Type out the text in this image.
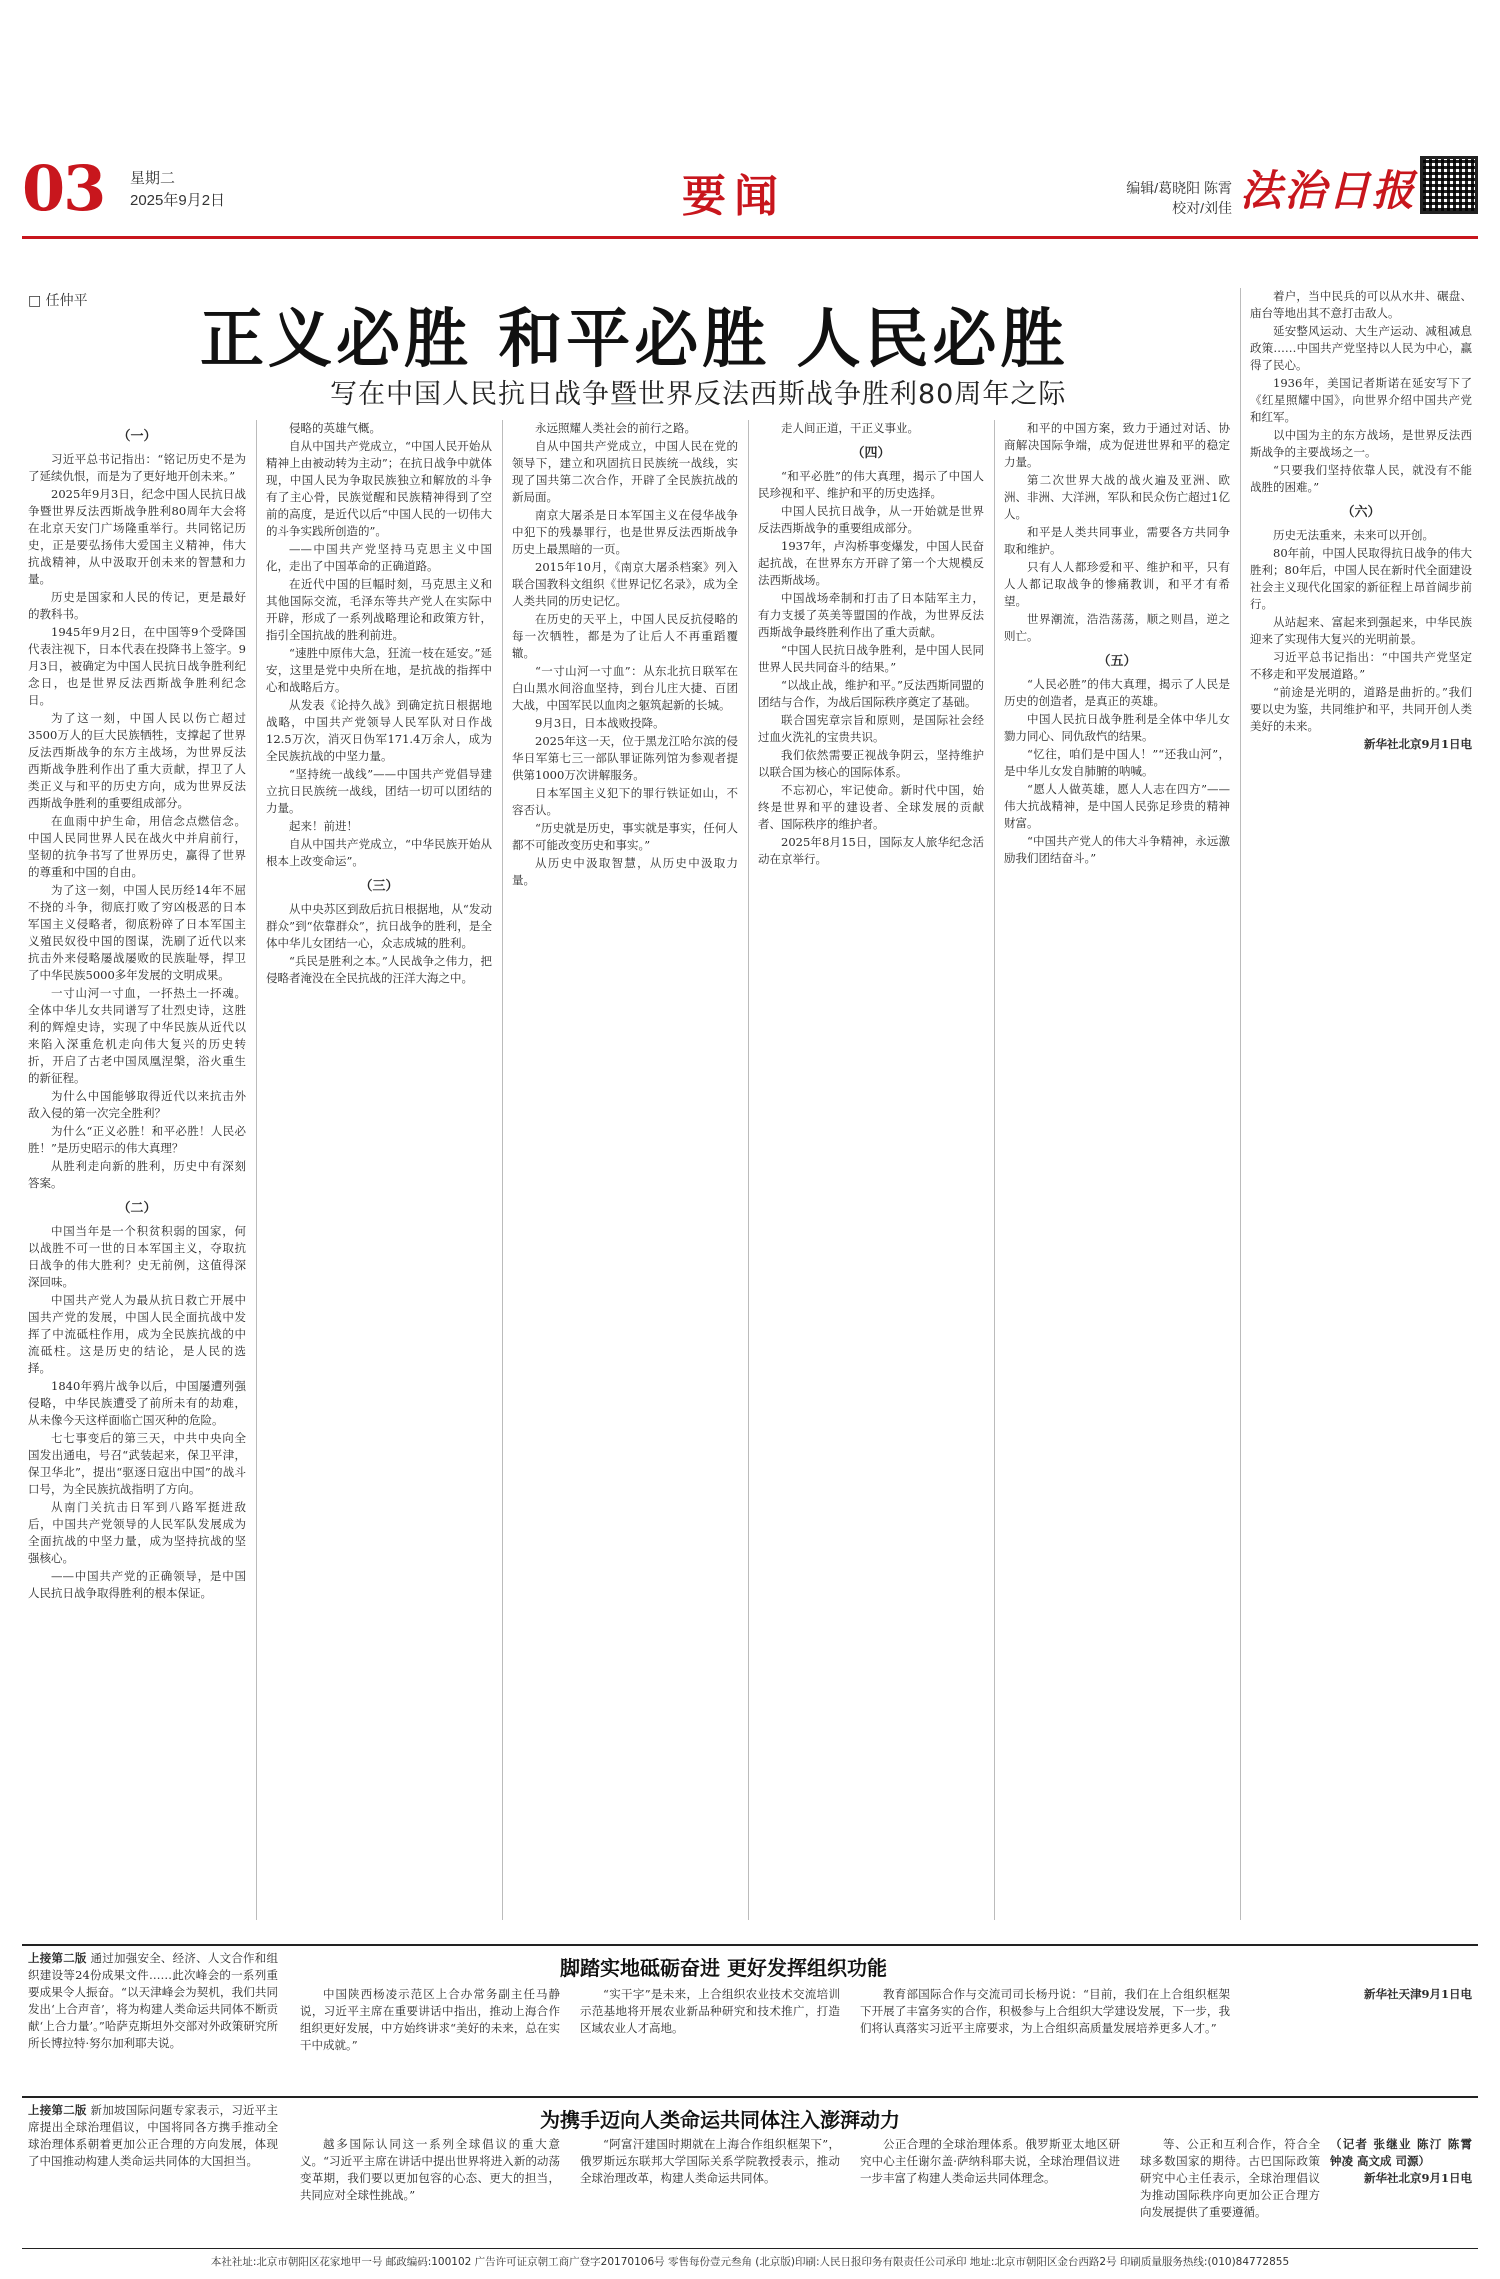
03 星期二
2025年9月2日	要闻	编辑/葛晓阳 陈霄
校对/刘佳 法治日报
□ 任仲平
正义必胜 和平必胜 人民必胜
写在中国人民抗日战争暨世界反法西斯战争胜利80周年之际
（一）

习近平总书记指出：“铭记历史不是为了延续仇恨，而是为了更好地开创未来。”

2025年9月3日，纪念中国人民抗日战争暨世界反法西斯战争胜利80周年大会将在北京天安门广场隆重举行。共同铭记历史，正是要弘扬伟大爱国主义精神，伟大抗战精神，从中汲取开创未来的智慧和力量。

历史是国家和人民的传记，更是最好的教科书。

1945年9月2日，在中国等9个受降国代表注视下，日本代表在投降书上签字。9月3日，被确定为中国人民抗日战争胜利纪念日，也是世界反法西斯战争胜利纪念日。

为了这一刻，中国人民以伤亡超过3500万人的巨大民族牺牲，支撑起了世界反法西斯战争的东方主战场，为世界反法西斯战争胜利作出了重大贡献，捍卫了人类正义与和平的历史方向，成为世界反法西斯战争胜利的重要组成部分。

在血雨中护生命，用信念点燃信念。中国人民同世界人民在战火中并肩前行，坚韧的抗争书写了世界历史，赢得了世界的尊重和中国的自由。

为了这一刻，中国人民历经14年不屈不挠的斗争，彻底打败了穷凶极恶的日本军国主义侵略者，彻底粉碎了日本军国主义殖民奴役中国的图谋，洗刷了近代以来抗击外来侵略屡战屡败的民族耻辱，捍卫了中华民族5000多年发展的文明成果。

一寸山河一寸血，一抔热土一抔魂。全体中华儿女共同谱写了壮烈史诗，这胜利的辉煌史诗，实现了中华民族从近代以来陷入深重危机走向伟大复兴的历史转折，开启了古老中国凤凰涅槃，浴火重生的新征程。

为什么中国能够取得近代以来抗击外敌入侵的第一次完全胜利？

为什么“正义必胜！和平必胜！人民必胜！”是历史昭示的伟大真理？

从胜利走向新的胜利，历史中有深刻答案。

（二）

中国当年是一个积贫积弱的国家，何以战胜不可一世的日本军国主义，夺取抗日战争的伟大胜利？史无前例，这值得深深回味。

中国共产党人为最从抗日救亡开展中国共产党的发展，中国人民全面抗战中发挥了中流砥柱作用，成为全民族抗战的中流砥柱。这是历史的结论，是人民的选择。

1840年鸦片战争以后，中国屡遭列强侵略，中华民族遭受了前所未有的劫难，从未像今天这样面临亡国灭种的危险。

七七事变后的第三天，中共中央向全国发出通电，号召“武装起来，保卫平津，保卫华北”，提出“驱逐日寇出中国”的战斗口号，为全民族抗战指明了方向。

从南门关抗击日军到八路军挺进敌后，中国共产党领导的人民军队发展成为全面抗战的中坚力量，成为坚持抗战的坚强核心。

——中国共产党的正确领导，是中国人民抗日战争取得胜利的根本保证。

侵略的英雄气概。

自从中国共产党成立，“中国人民开始从精神上由被动转为主动”；在抗日战争中就体现，中国人民为争取民族独立和解放的斗争有了主心骨，民族觉醒和民族精神得到了空前的高度，是近代以后“中国人民的一切伟大的斗争实践所创造的”。

——中国共产党坚持马克思主义中国化，走出了中国革命的正确道路。

在近代中国的巨幅时刻，马克思主义和其他国际交流，毛泽东等共产党人在实际中开辟，形成了一系列战略理论和政策方针，指引全国抗战的胜利前进。

“速胜中原伟大急，狂流一枝在延安。”延安，这里是党中央所在地，是抗战的指挥中心和战略后方。

从发表《论持久战》到确定抗日根据地战略，中国共产党领导人民军队对日作战12.5万次，消灭日伪军171.4万余人，成为全民族抗战的中坚力量。

“坚持统一战线”——中国共产党倡导建立抗日民族统一战线，团结一切可以团结的力量。

起来！前进！

自从中国共产党成立，“中华民族开始从根本上改变命运”。

（三）

从中央苏区到敌后抗日根据地，从“发动群众”到“依靠群众”，抗日战争的胜利，是全体中华儿女团结一心，众志成城的胜利。

“兵民是胜利之本。”人民战争之伟力，把侵略者淹没在全民抗战的汪洋大海之中。

永远照耀人类社会的前行之路。

自从中国共产党成立，中国人民在党的领导下，建立和巩固抗日民族统一战线，实现了国共第二次合作，开辟了全民族抗战的新局面。

南京大屠杀是日本军国主义在侵华战争中犯下的残暴罪行，也是世界反法西斯战争历史上最黑暗的一页。

2015年10月，《南京大屠杀档案》列入联合国教科文组织《世界记忆名录》，成为全人类共同的历史记忆。

在历史的天平上，中国人民反抗侵略的每一次牺牲，都是为了让后人不再重蹈覆辙。

“一寸山河一寸血”：从东北抗日联军在白山黑水间浴血坚持，到台儿庄大捷、百团大战，中国军民以血肉之躯筑起新的长城。

9月3日，日本战败投降。

2025年这一天，位于黑龙江哈尔滨的侵华日军第七三一部队罪证陈列馆为参观者提供第1000万次讲解服务。

日本军国主义犯下的罪行铁证如山，不容否认。

“历史就是历史，事实就是事实，任何人都不可能改变历史和事实。”

从历史中汲取智慧，从历史中汲取力量。

走人间正道，干正义事业。

（四）

“和平必胜”的伟大真理，揭示了中国人民珍视和平、维护和平的历史选择。

中国人民抗日战争，从一开始就是世界反法西斯战争的重要组成部分。

1937年，卢沟桥事变爆发，中国人民奋起抗战，在世界东方开辟了第一个大规模反法西斯战场。

中国战场牵制和打击了日本陆军主力，有力支援了英美等盟国的作战，为世界反法西斯战争最终胜利作出了重大贡献。

“中国人民抗日战争胜利，是中国人民同世界人民共同奋斗的结果。”

“以战止战，维护和平。”反法西斯同盟的团结与合作，为战后国际秩序奠定了基础。

联合国宪章宗旨和原则，是国际社会经过血火洗礼的宝贵共识。

我们依然需要正视战争阴云，坚持维护以联合国为核心的国际体系。

不忘初心，牢记使命。新时代中国，始终是世界和平的建设者、全球发展的贡献者、国际秩序的维护者。

2025年8月15日，国际友人旅华纪念活动在京举行。

和平的中国方案，致力于通过对话、协商解决国际争端，成为促进世界和平的稳定力量。

第二次世界大战的战火遍及亚洲、欧洲、非洲、大洋洲，军队和民众伤亡超过1亿人。

和平是人类共同事业，需要各方共同争取和维护。

只有人人都珍爱和平、维护和平，只有人人都记取战争的惨痛教训，和平才有希望。

世界潮流，浩浩荡荡，顺之则昌，逆之则亡。

（五）

“人民必胜”的伟大真理，揭示了人民是历史的创造者，是真正的英雄。

中国人民抗日战争胜利是全体中华儿女勠力同心、同仇敌忾的结果。

“忆往，咱们是中国人！”“还我山河”，是中华儿女发自肺腑的呐喊。

“愿人人做英雄，愿人人志在四方”——伟大抗战精神，是中国人民弥足珍贵的精神财富。

“中国共产党人的伟大斗争精神，永远激励我们团结奋斗。”

着户，当中民兵的可以从水井、碾盘、庙台等地出其不意打击敌人。

延安整风运动、大生产运动、减租减息政策……中国共产党坚持以人民为中心，赢得了民心。

1936年，美国记者斯诺在延安写下了《红星照耀中国》，向世界介绍中国共产党和红军。

以中国为主的东方战场，是世界反法西斯战争的主要战场之一。

“只要我们坚持依靠人民，就没有不能战胜的困难。”

（六）

历史无法重来，未来可以开创。

80年前，中国人民取得抗日战争的伟大胜利；80年后，中国人民在新时代全面建设社会主义现代化国家的新征程上昂首阔步前行。

从站起来、富起来到强起来，中华民族迎来了实现伟大复兴的光明前景。

习近平总书记指出：“中国共产党坚定不移走和平发展道路。”

“前途是光明的，道路是曲折的。”我们要以史为鉴，共同维护和平，共同开创人类美好的未来。

新华社北京9月1日电

脚踏实地砥砺奋进 更好发挥组织功能
上接第二版 通过加强安全、经济、人文合作和组织建设等24份成果文件……此次峰会的一系列重要成果令人振奋。“以天津峰会为契机，我们共同发出‘上合声音’，将为构建人类命运共同体不断贡献‘上合力量’。”哈萨克斯坦外交部对外政策研究所所长博拉特·努尔加利耶夫说。

中国陕西杨凌示范区上合办常务副主任马静说，习近平主席在重要讲话中指出，推动上海合作组织更好发展，中方始终讲求“美好的未来，总在实干中成就。”

“实干字”是未来，上合组织农业技术交流培训示范基地将开展农业新品种研究和技术推广，打造区域农业人才高地。

教育部国际合作与交流司司长杨丹说：“目前，我们在上合组织框架下开展了丰富务实的合作，积极参与上合组织大学建设发展，下一步，我们将认真落实习近平主席要求，为上合组织高质量发展培养更多人才。”

新华社天津9月1日电

为携手迈向人类命运共同体注入澎湃动力
上接第二版 新加坡国际问题专家表示，习近平主席提出全球治理倡议，中国将同各方携手推动全球治理体系朝着更加公正合理的方向发展，体现了中国推动构建人类命运共同体的大国担当。

越多国际认同这一系列全球倡议的重大意义。“习近平主席在讲话中提出世界将进入新的动荡变革期，我们要以更加包容的心态、更大的担当，共同应对全球性挑战。”

“阿富汗建国时期就在上海合作组织框架下”，俄罗斯远东联邦大学国际关系学院教授表示，推动全球治理改革，构建人类命运共同体。

公正合理的全球治理体系。俄罗斯亚太地区研究中心主任谢尔盖·萨纳科耶夫说，全球治理倡议进一步丰富了构建人类命运共同体理念。

等、公正和互利合作，符合全球多数国家的期待。古巴国际政策研究中心主任表示，全球治理倡议为推动国际秩序向更加公正合理方向发展提供了重要遵循。

（记者 张继业 陈汀 陈霄 钟凌 高文成 司源）

新华社北京9月1日电

本社社址:北京市朝阳区花家地甲一号 邮政编码:100102 广告许可证京朝工商广登字20170106号 零售每份壹元叁角 (北京版)印刷:人民日报印务有限责任公司承印 地址:北京市朝阳区金台西路2号 印刷质量服务热线:(010)84772855
